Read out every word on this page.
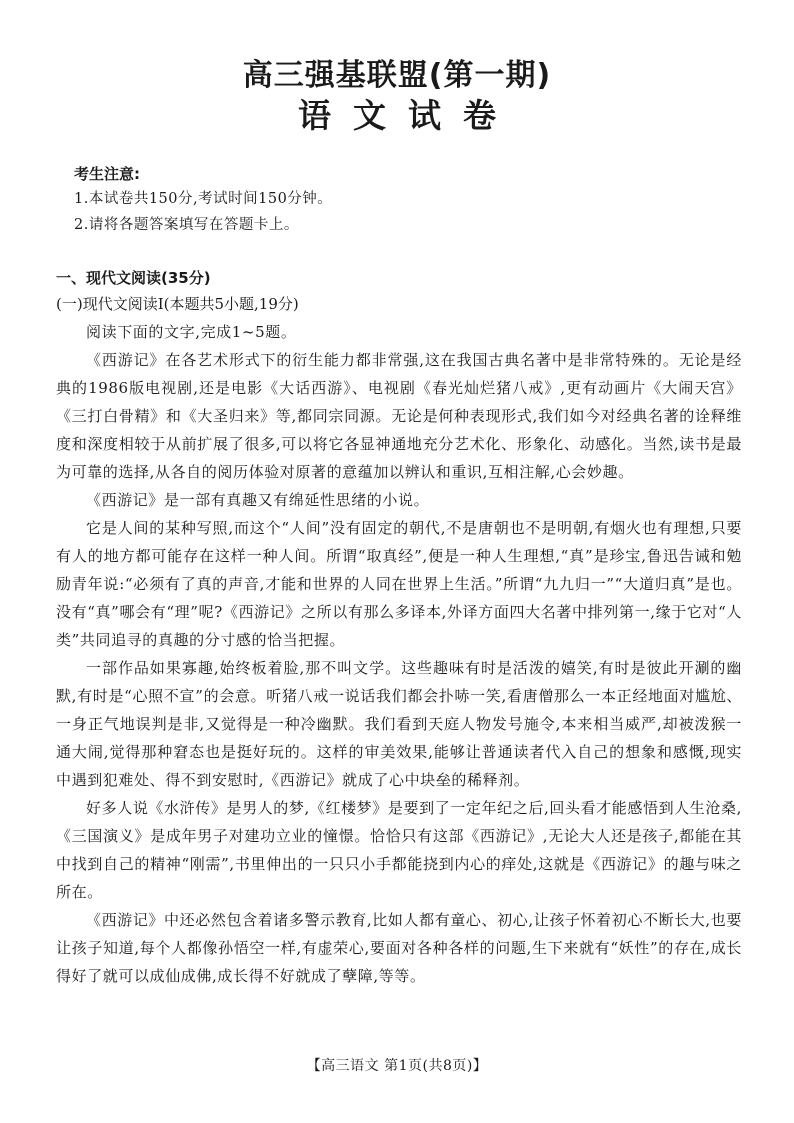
高三强基联盟(第一期)
语文试卷
考生注意:
1.本试卷共150分,考试时间150分钟。
2.请将各题答案填写在答题卡上。
一、现代文阅读(35分)
(一)现代文阅读Ⅰ(本题共5小题,19分)

阅读下面的文字,完成1~5题。

《西游记》在各艺术形式下的衍生能力都非常强,这在我国古典名著中是非常特殊的。无论是经典的1986版电视剧,还是电影《大话西游》、电视剧《春光灿烂猪八戒》,更有动画片《大闹天宫》《三打白骨精》和《大圣归来》等,都同宗同源。无论是何种表现形式,我们如今对经典名著的诠释维度和深度相较于从前扩展了很多,可以将它各显神通地充分艺术化、形象化、动感化。当然,读书是最为可靠的选择,从各自的阅历体验对原著的意蕴加以辨认和重识,互相注解,心会妙趣。

《西游记》是一部有真趣又有绵延性思绪的小说。

它是人间的某种写照,而这个“人间”没有固定的朝代,不是唐朝也不是明朝,有烟火也有理想,只要有人的地方都可能存在这样一种人间。所谓“取真经”,便是一种人生理想,“真”是珍宝,鲁迅告诫和勉励青年说:“必须有了真的声音,才能和世界的人同在世界上生活。”所谓“九九归一”“大道归真”是也。没有“真”哪会有“理”呢?《西游记》之所以有那么多译本,外译方面四大名著中排列第一,缘于它对“人类”共同追寻的真趣的分寸感的恰当把握。

一部作品如果寡趣,始终板着脸,那不叫文学。这些趣味有时是活泼的嬉笑,有时是彼此开涮的幽默,有时是“心照不宣”的会意。听猪八戒一说话我们都会扑哧一笑,看唐僧那么一本正经地面对尴尬、一身正气地误判是非,又觉得是一种冷幽默。我们看到天庭人物发号施令,本来相当威严,却被泼猴一通大闹,觉得那种窘态也是挺好玩的。这样的审美效果,能够让普通读者代入自己的想象和感慨,现实中遇到犯难处、得不到安慰时,《西游记》就成了心中块垒的稀释剂。

好多人说《水浒传》是男人的梦,《红楼梦》是要到了一定年纪之后,回头看才能感悟到人生沧桑,《三国演义》是成年男子对建功立业的憧憬。恰恰只有这部《西游记》,无论大人还是孩子,都能在其中找到自己的精神“刚需”,书里伸出的一只只小手都能挠到内心的痒处,这就是《西游记》的趣与味之所在。

《西游记》中还必然包含着诸多警示教育,比如人都有童心、初心,让孩子怀着初心不断长大,也要让孩子知道,每个人都像孙悟空一样,有虚荣心,要面对各种各样的问题,生下来就有“妖性”的存在,成长得好了就可以成仙成佛,成长得不好就成了孽障,等等。

【高三语文 第1页(共8页)】
